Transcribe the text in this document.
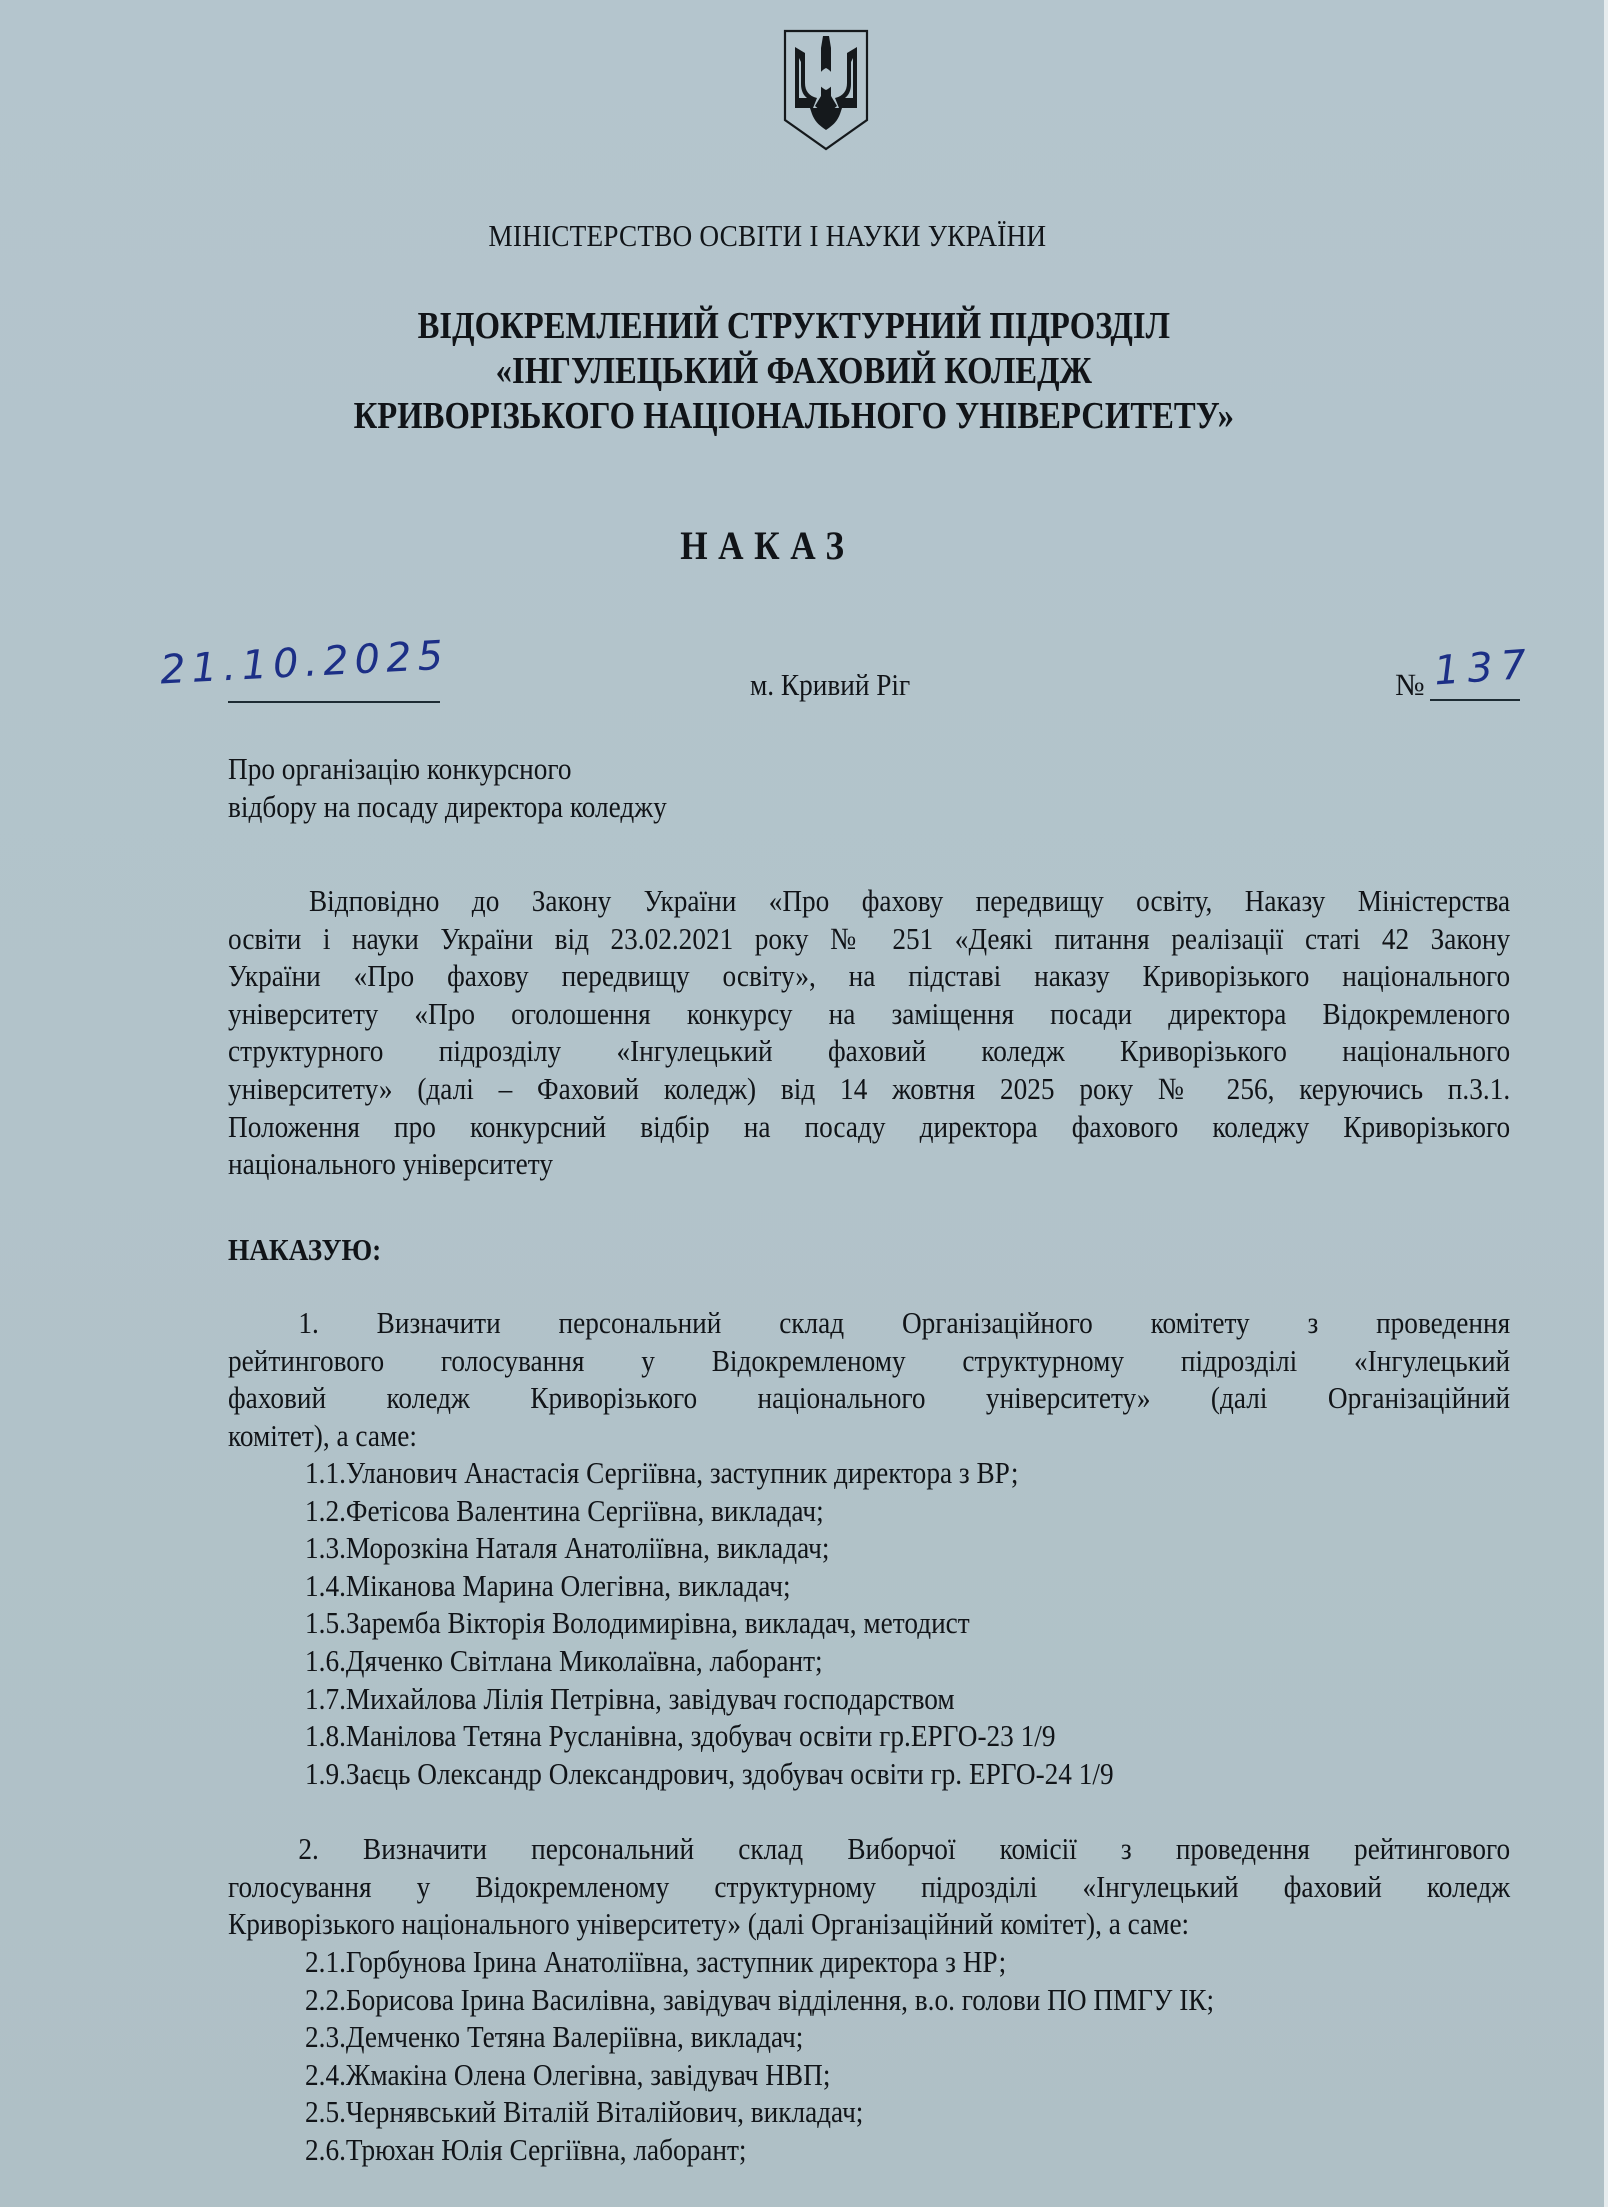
МІНІСТЕРСТВО ОСВІТИ І НАУКИ УКРАЇНИ
ВІДОКРЕМЛЕНИЙ СТРУКТУРНИЙ ПІДРОЗДІЛ
«ІНГУЛЕЦЬКИЙ ФАХОВИЙ КОЛЕДЖ
КРИВОРІЗЬКОГО НАЦІОНАЛЬНОГО УНІВЕРСИТЕТУ»
НАКАЗ
21.10.2025	м. Кривий Ріг	№ 137
Про організацію конкурсного
відбору на посаду директора коледжу
Відповідно до Закону України «Про фахову передвищу освіту, Наказу Міністерства
освіти і науки України від 23.02.2021 року № 251 «Деякі питання реалізації статі 42 Закону
України «Про фахову передвищу освіту», на підставі наказу Криворізького національного
університету «Про оголошення конкурсу на заміщення посади директора Відокремленого
структурного підрозділу «Інгулецький фаховий коледж Криворізького національного
університету» (далі – Фаховий коледж) від 14 жовтня 2025 року № 256, керуючись п.3.1.
Положення про конкурсний відбір на посаду директора фахового коледжу Криворізького
національного університету
НАКАЗУЮ:
1. Визначити персональний склад Організаційного комітету з проведення
рейтингового голосування у Відокремленому структурному підрозділі «Інгулецький
фаховий коледж Криворізького національного університету» (далі Організаційний
комітет), а саме:
1.1.Уланович Анастасія Сергіївна, заступник директора з ВР;
1.2.Фетісова Валентина Сергіївна, викладач;
1.3.Морозкіна Наталя Анатоліївна, викладач;
1.4.Міканова Марина Олегівна, викладач;
1.5.Заремба Вікторія Володимирівна, викладач, методист
1.6.Дяченко Світлана Миколаївна, лаборант;
1.7.Михайлова Лілія Петрівна, завідувач господарством
1.8.Манілова Тетяна Русланівна, здобувач освіти гр.ЕРГО-23 1/9
1.9.Заєць Олександр Олександрович, здобувач освіти гр. ЕРГО-24 1/9
2. Визначити персональний склад Виборчої комісії з проведення рейтингового
голосування у Відокремленому структурному підрозділі «Інгулецький фаховий коледж
Криворізького національного університету» (далі Організаційний комітет), а саме:
2.1.Горбунова Ірина Анатоліївна, заступник директора з НР;
2.2.Борисова Ірина Василівна, завідувач відділення, в.о. голови ПО ПМГУ ІК;
2.3.Демченко Тетяна Валеріївна, викладач;
2.4.Жмакіна Олена Олегівна, завідувач НВП;
2.5.Чернявський Віталій Віталійович, викладач;
2.6.Трюхан Юлія Сергіївна, лаборант;
